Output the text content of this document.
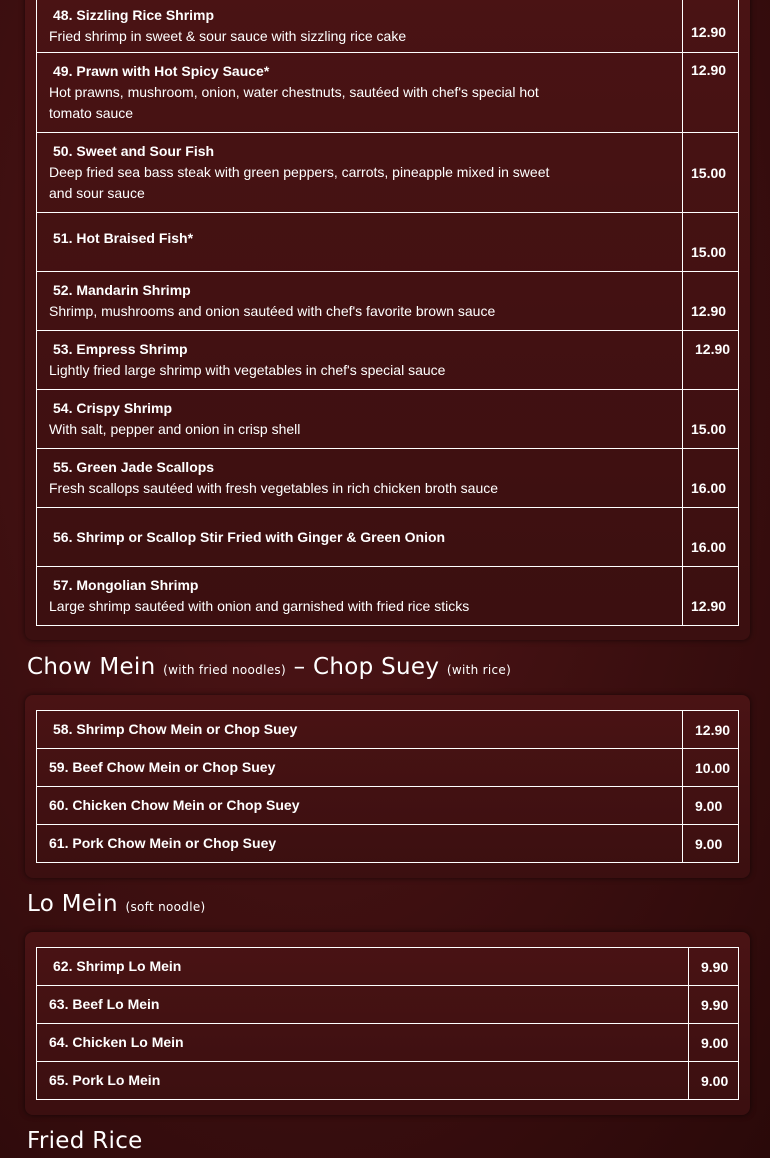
48. Sizzling Rice Shrimp
Fried shrimp in sweet & sour sauce with sizzling rice cake	12.90

49. Prawn with Hot Spicy Sauce*
Hot prawns, mushroom, onion, water chestnuts, sautéed with chef's special hot tomato sauce	12.90

50. Sweet and Sour Fish
Deep fried sea bass steak with green peppers, carrots, pineapple mixed in sweet and sour sauce	15.00

51. Hot Braised Fish*	15.00

52. Mandarin Shrimp
Shrimp, mushrooms and onion sautéed with chef's favorite brown sauce	12.90

53. Empress Shrimp
Lightly fried large shrimp with vegetables in chef's special sauce	12.90

54. Crispy Shrimp
With salt, pepper and onion in crisp shell	15.00

55. Green Jade Scallops
Fresh scallops sautéed with fresh vegetables in rich chicken broth sauce	16.00

56. Shrimp or Scallop Stir Fried with Ginger & Green Onion	16.00

57. Mongolian Shrimp
Large shrimp sautéed with onion and garnished with fried rice sticks	12.90
Chow Mein (with fried noodles) – Chop Suey (with rice)
58. Shrimp Chow Mein or Chop Suey	12.90

59. Beef Chow Mein or Chop Suey	10.00

60. Chicken Chow Mein or Chop Suey	9.00

61. Pork Chow Mein or Chop Suey	9.00
Lo Mein (soft noodle)
62. Shrimp Lo Mein	9.90

63. Beef Lo Mein	9.90

64. Chicken Lo Mein	9.00

65. Pork Lo Mein	9.00
Fried Rice
